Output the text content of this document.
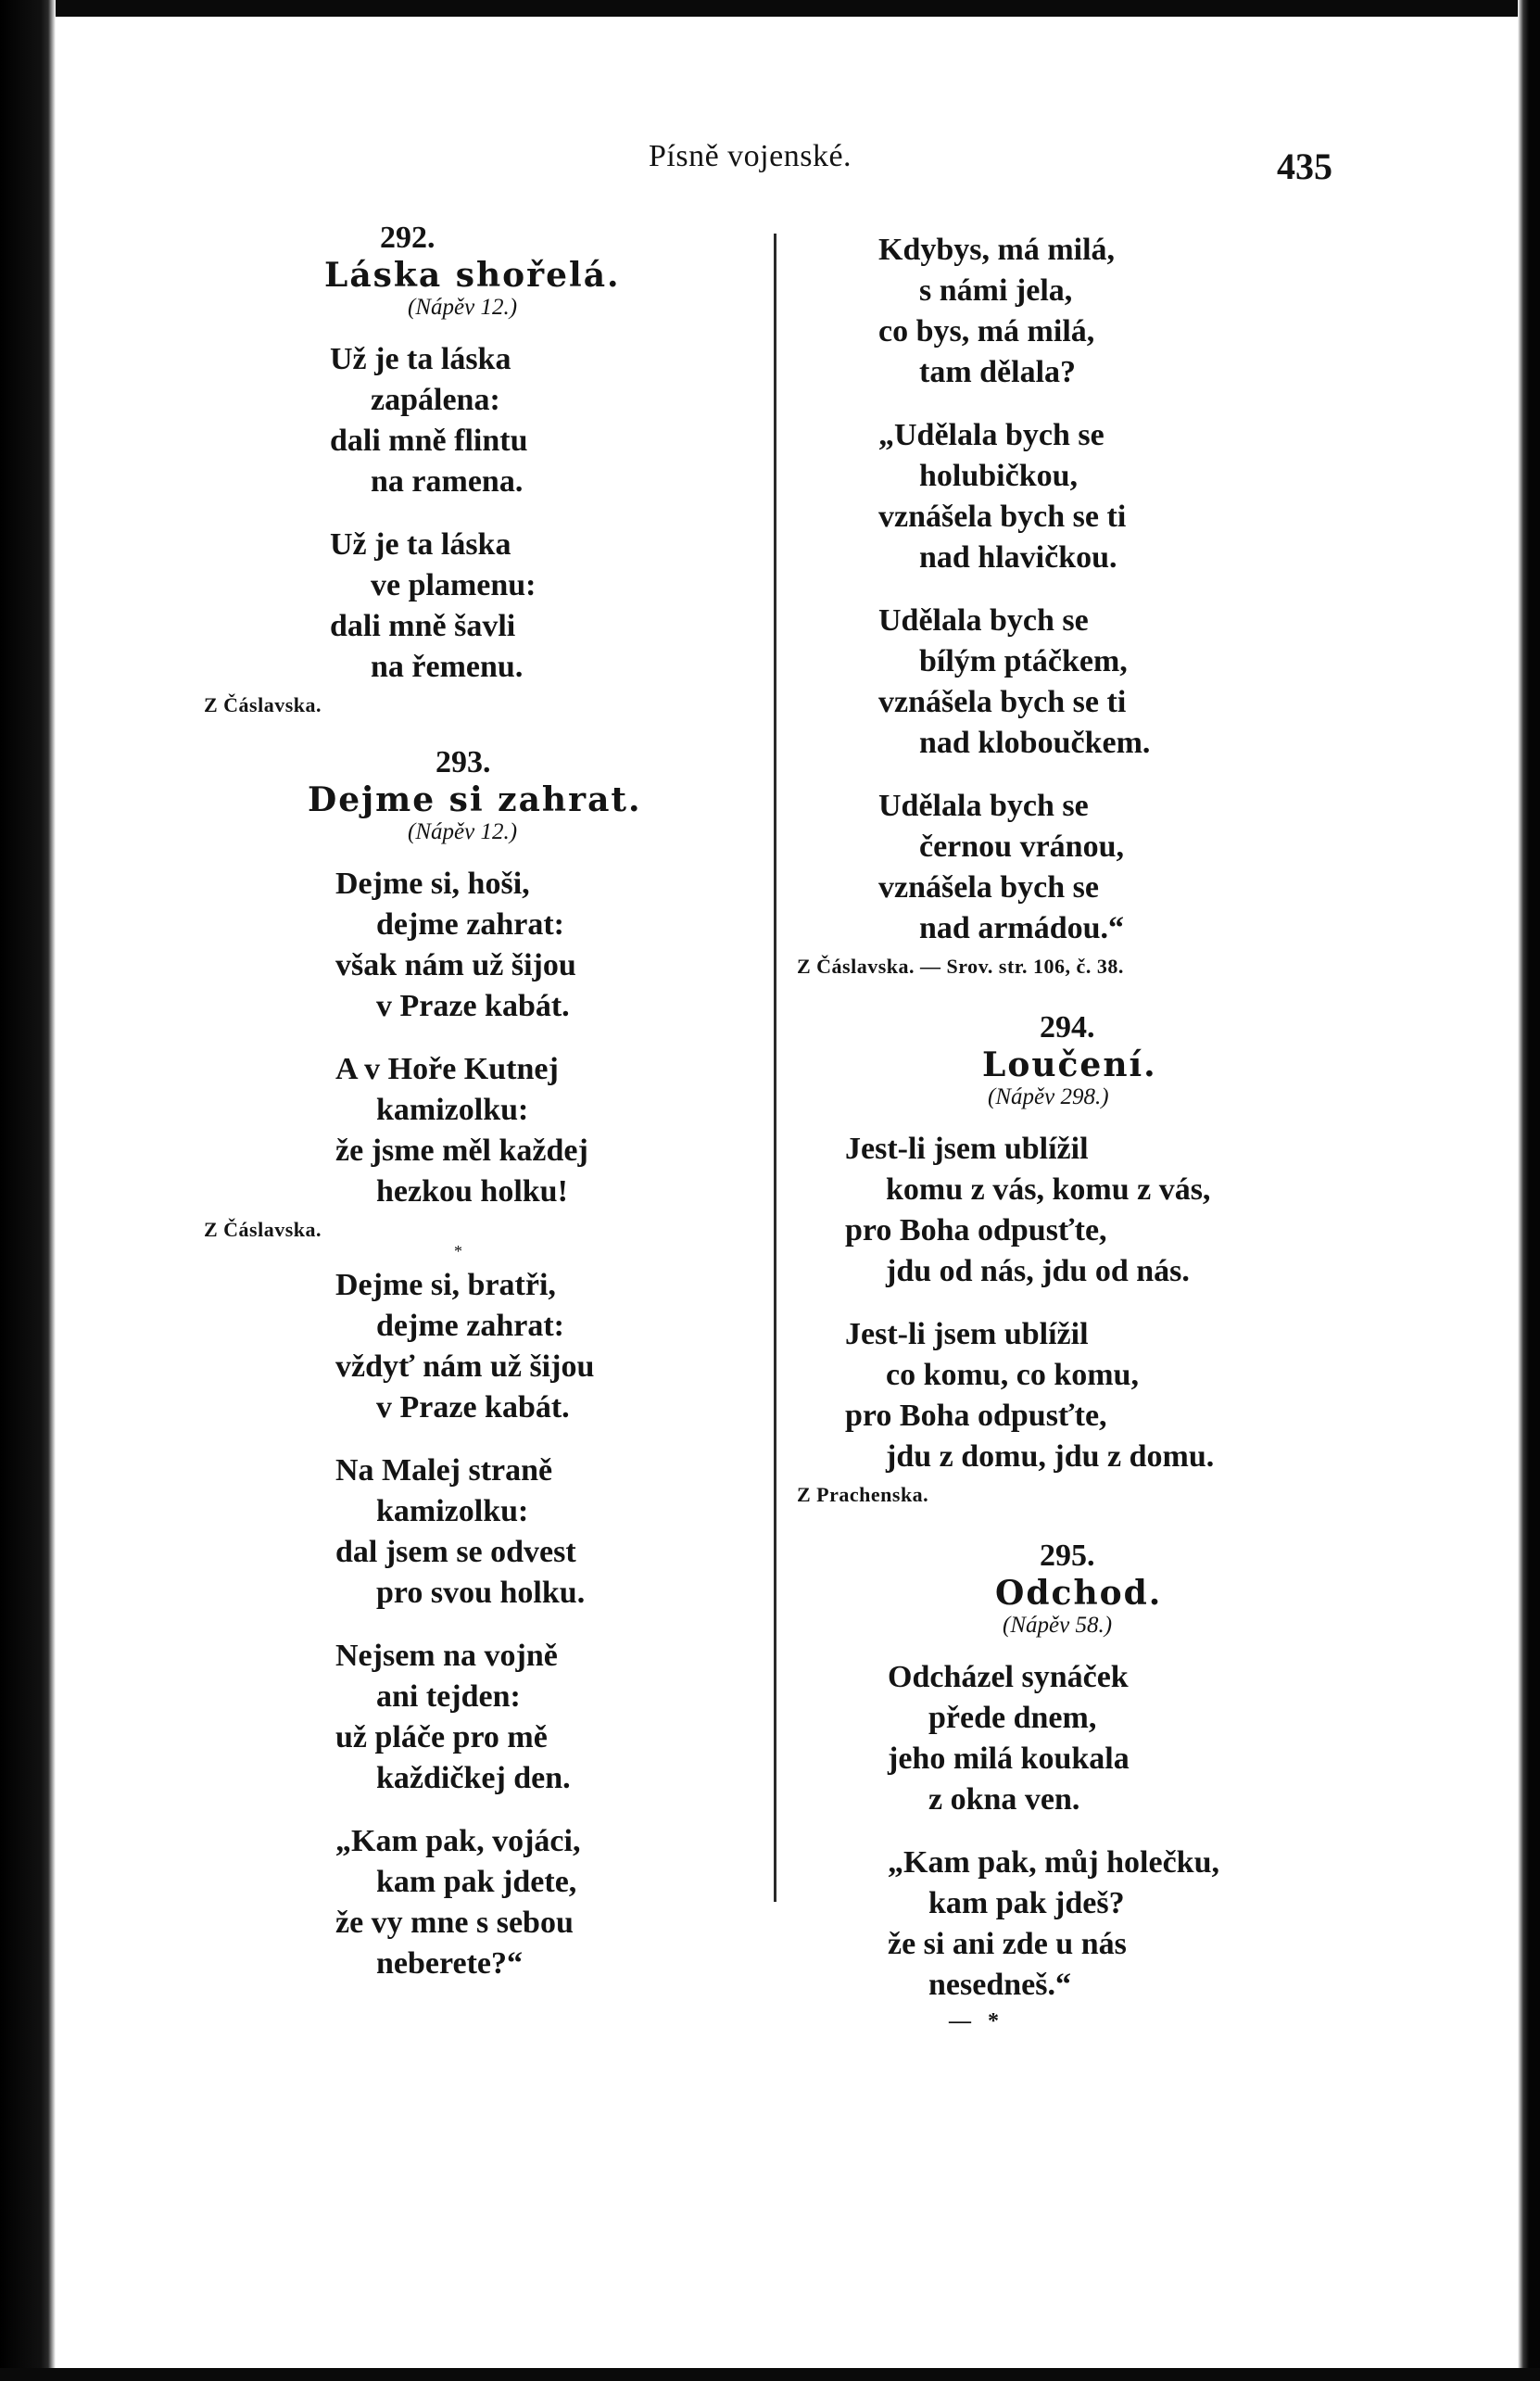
Písně vojenské.	435

292.

Láska shořelá.

(Nápěv 12.)

Už je ta láska
zapálena:
dali mně flintu
na ramena.
Už je ta láska
ve plamenu:
dali mně šavli
na řemenu.

Z Čáslavska.

293.

Dejme si zahrat.

(Nápěv 12.)

Dejme si, hoši,
dejme zahrat:
však nám už šijou
v Praze kabát.
A v Hoře Kutnej
kamizolku:
že jsme měl každej
hezkou holku!

Z Čáslavska.

*

Dejme si, bratři,
dejme zahrat:
vždyť nám už šijou
v Praze kabát.
Na Malej straně
kamizolku:
dal jsem se odvest
pro svou holku.
Nejsem na vojně
ani tejden:
už pláče pro mě
každičkej den.
„Kam pak, vojáci,
kam pak jdete,
že vy mne s sebou
neberete?“
Kdybys, má milá,
s námi jela,
co bys, má milá,
tam dělala?
„Udělala bych se
holubičkou,
vznášela bych se ti
nad hlavičkou.
Udělala bych se
bílým ptáčkem,
vznášela bych se ti
nad kloboučkem.
Udělala bych se
černou vránou,
vznášela bych se
nad armádou.“

Z Čáslavska. — Srov. str. 106, č. 38.

294.

Loučení.

(Nápěv 298.)

Jest-li jsem ublížil
komu z vás, komu z vás,
pro Boha odpusťte,
jdu od nás, jdu od nás.
Jest-li jsem ublížil
co komu, co komu,
pro Boha odpusťte,
jdu z domu, jdu z domu.

Z Prachenska.

295.

Odchod.

(Nápěv 58.)

Odcházel synáček
přede dnem,
jeho milá koukala
z okna ven.
„Kam pak, můj holečku,
kam pak jdeš?
že si ani zde u nás
nesedneš.“

—   *
